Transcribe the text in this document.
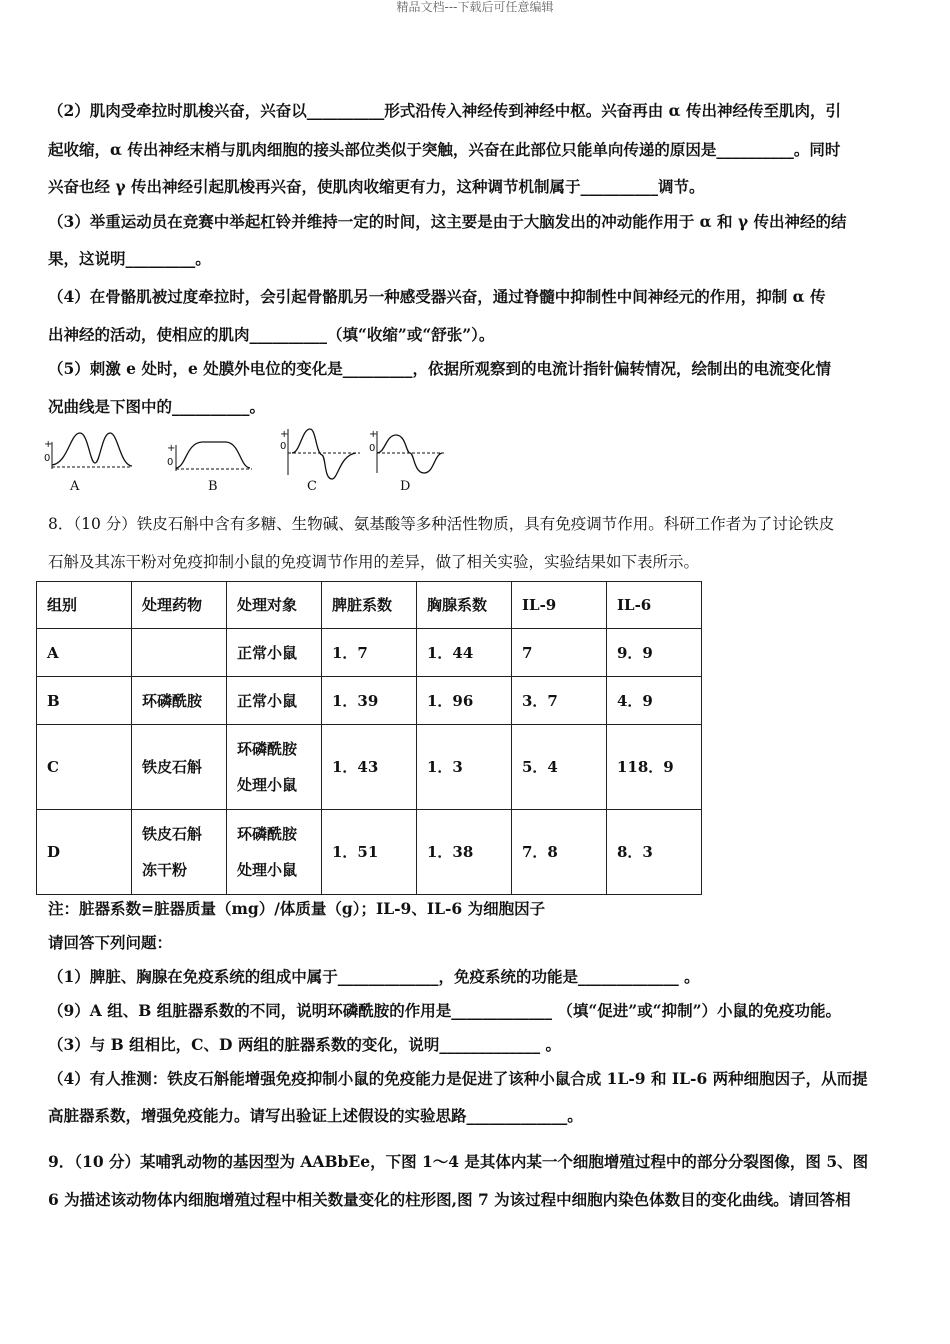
精品文档---下载后可任意编辑
（2）肌肉受牵拉时肌梭兴奋，兴奋以__________形式沿传入神经传到神经中枢。兴奋再由 α 传出神经传至肌肉，引
起收缩，α 传出神经末梢与肌肉细胞的接头部位类似于突触，兴奋在此部位只能单向传递的原因是__________。同时
兴奋也经 γ 传出神经引起肌梭再兴奋，使肌肉收缩更有力，这种调节机制属于__________调节。
（3）举重运动员在竞赛中举起杠铃并维持一定的时间，这主要是由于大脑发出的冲动能作用于 α 和 γ 传出神经的结
果，这说明_________。
（4）在骨骼肌被过度牵拉时，会引起骨骼肌另一种感受器兴奋，通过脊髓中抑制性中间神经元的作用，抑制 α 传
出神经的活动，使相应的肌肉__________（填“收缩”或“舒张”）。
（5）刺激 e 处时，e 处膜外电位的变化是_________，依据所观察到的电流计指针偏转情况，绘制出的电流变化情
况曲线是下图中的__________。
+
0
+
0
+
0
+
0
A	B	C	D
8．（10 分）铁皮石斛中含有多糖、生物碱、氨基酸等多种活性物质，具有免疫调节作用。科研工作者为了讨论铁皮
石斛及其冻干粉对免疫抑制小鼠的免疫调节作用的差异，做了相关实验，实验结果如下表所示。
组别	处理药物	处理对象	脾脏系数	胸腺系数	IL-9	IL-6
A		正常小鼠	1．7	1．44	7	9．9
B	环磷酰胺	正常小鼠	1．39	1．96	3．7	4．9
C	铁皮石斛	环磷酰胺
处理小鼠	1．43	1．3	5．4	118．9
D	铁皮石斛
冻干粉	环磷酰胺
处理小鼠	1．51	1．38	7．8	8．3
注：脏器系数=脏器质量（mg）/体质量（g）；IL-9、IL-6 为细胞因子
请回答下列问题：
（1）脾脏、胸腺在免疫系统的组成中属于_____________，免疫系统的功能是_____________ 。
（9）A 组、B 组脏器系数的不同，说明环磷酰胺的作用是_____________ （填“促进”或“抑制”）小鼠的免疫功能。
（3）与 B 组相比，C、D 两组的脏器系数的变化，说明_____________ 。
（4）有人推测：铁皮石斛能增强免疫抑制小鼠的免疫能力是促进了该种小鼠合成 1L-9 和 IL-6 两种细胞因子，从而提
高脏器系数，增强免疫能力。请写出验证上述假设的实验思路_____________。
9．（10 分）某哺乳动物的基因型为 AABbEe，下图 1～4 是其体内某一个细胞增殖过程中的部分分裂图像，图 5、图
6 为描述该动物体内细胞增殖过程中相关数量变化的柱形图,图 7 为该过程中细胞内染色体数目的变化曲线。请回答相
